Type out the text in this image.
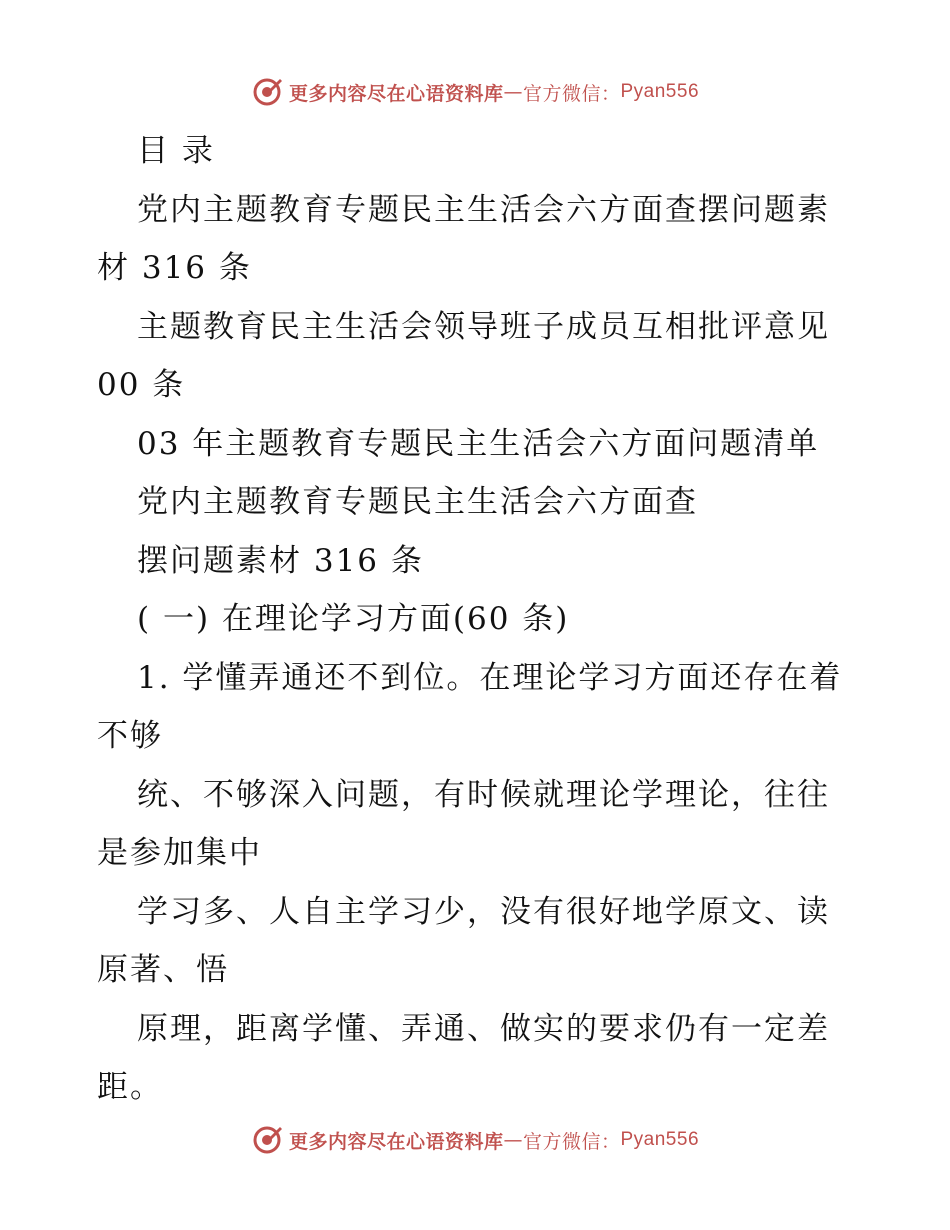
更多内容尽在心语资料库 — 官方微信： Pyan556
目 录
党内主题教育专题民主生活会六方面查摆问题素
材 316 条
主题教育民主生活会领导班子成员互相批评意见
00 条
03 年主题教育专题民主生活会六方面问题清单
党内主题教育专题民主生活会六方面查
摆问题素材 316 条
( 一) 在理论学习方面(60 条)
1. 学懂弄通还不到位。在理论学习方面还存在着
不够
统、不够深入问题，有时候就理论学理论，往往
是参加集中
学习多、人自主学习少，没有很好地学原文、读
原著、悟
原理，距离学懂、弄通、做实的要求仍有一定差
距。
更多内容尽在心语资料库 — 官方微信： Pyan556
